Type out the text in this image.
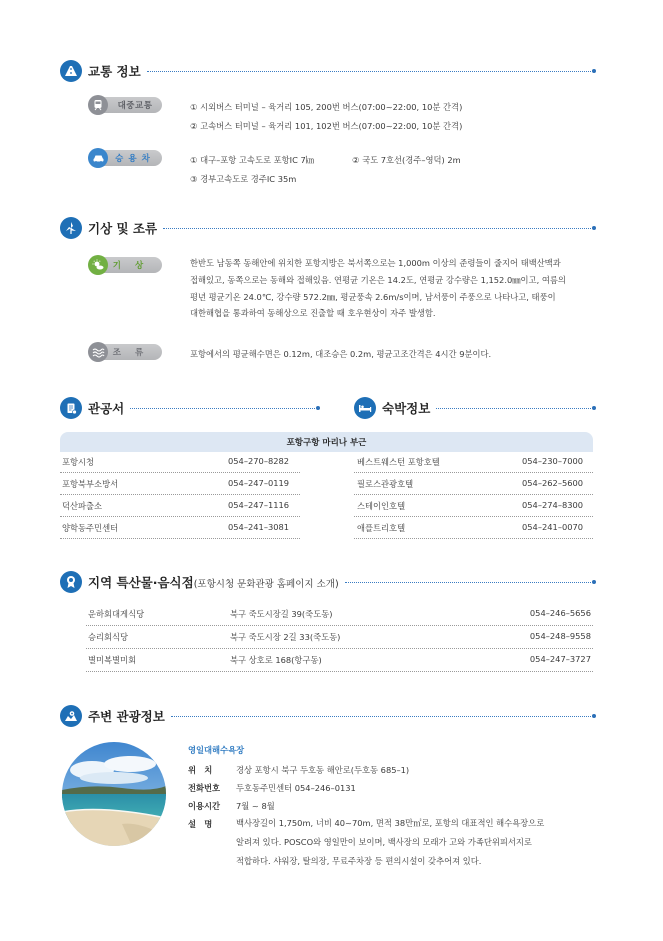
교통 정보
대중교통	① 시외버스 터미널 – 육거리 105, 200번 버스(07:00~22:00, 10분 간격)
② 고속버스 터미널 – 육거리 101, 102번 버스(07:00~22:00, 10분 간격)
승용차	① 대구–포항 고속도로 포항IC 7㎞	② 국도 7호선(경주–영덕) 2m
③ 경부고속도로 경주IC 35m
기상 및 조류
기상	한반도 남동쪽 동해안에 위치한 포항지방은 북서쪽으로는 1,000m 이상의 준령들이 줄지어 태백산맥과
접해있고, 동쪽으로는 동해와 접해있음. 연평균 기온은 14.2도, 연평균 강수량은 1,152.0㎜이고, 여름의
평년 평균기온 24.0℃, 강수량 572.2㎜, 평균풍속 2.6m/s이며, 남서풍이 주풍으로 나타나고, 태풍이
대한해협을 통과하여 동해상으로 진출할 때 호우현상이 자주 발생함.
조류	포항에서의 평균해수면은 0.12m, 대조승은 0.2m, 평균고조간격은 4시간 9분이다.
관공서	숙박정보
포항구항 마리나 부근
포항시청	054–270–8282
포항북부소방서	054–247–0119
덕산파출소	054–247–1116
양학동주민센터	054–241–3081
베스트웨스턴 포항호텔	054–230–7000
필로스관광호텔	054–262–5600
스테이인호텔	054–274–8300
애플트리호텔	054–241–0070
지역 특산물·음식점(포항시청 문화관광 홈페이지 소개)
운하회대게식당	북구 죽도시장길 39(죽도동)	054–246–5656
승리회식당	북구 죽도시장 2길 33(죽도동)	054–248–9558
별미복별미회	북구 상호로 168(항구동)	054–247–3727
주변 관광정보
영일대해수욕장
위　치	경상 포항시 북구 두호동 해안로(두호동 685–1)
전화번호 두호동주민센터 054–246–0131
이용시간 7월 ~ 8월
설　명	백사장길이 1,750m, 너비 40~70m, 면적 38만㎡로, 포항의 대표적인 해수욕장으로
알려져 있다. POSCO와 영일만이 보이며, 백사장의 모래가 고와 가족단위피서지로
적합하다. 샤워장, 탈의장, 무료주차장 등 편의시설이 갖추어져 있다.
